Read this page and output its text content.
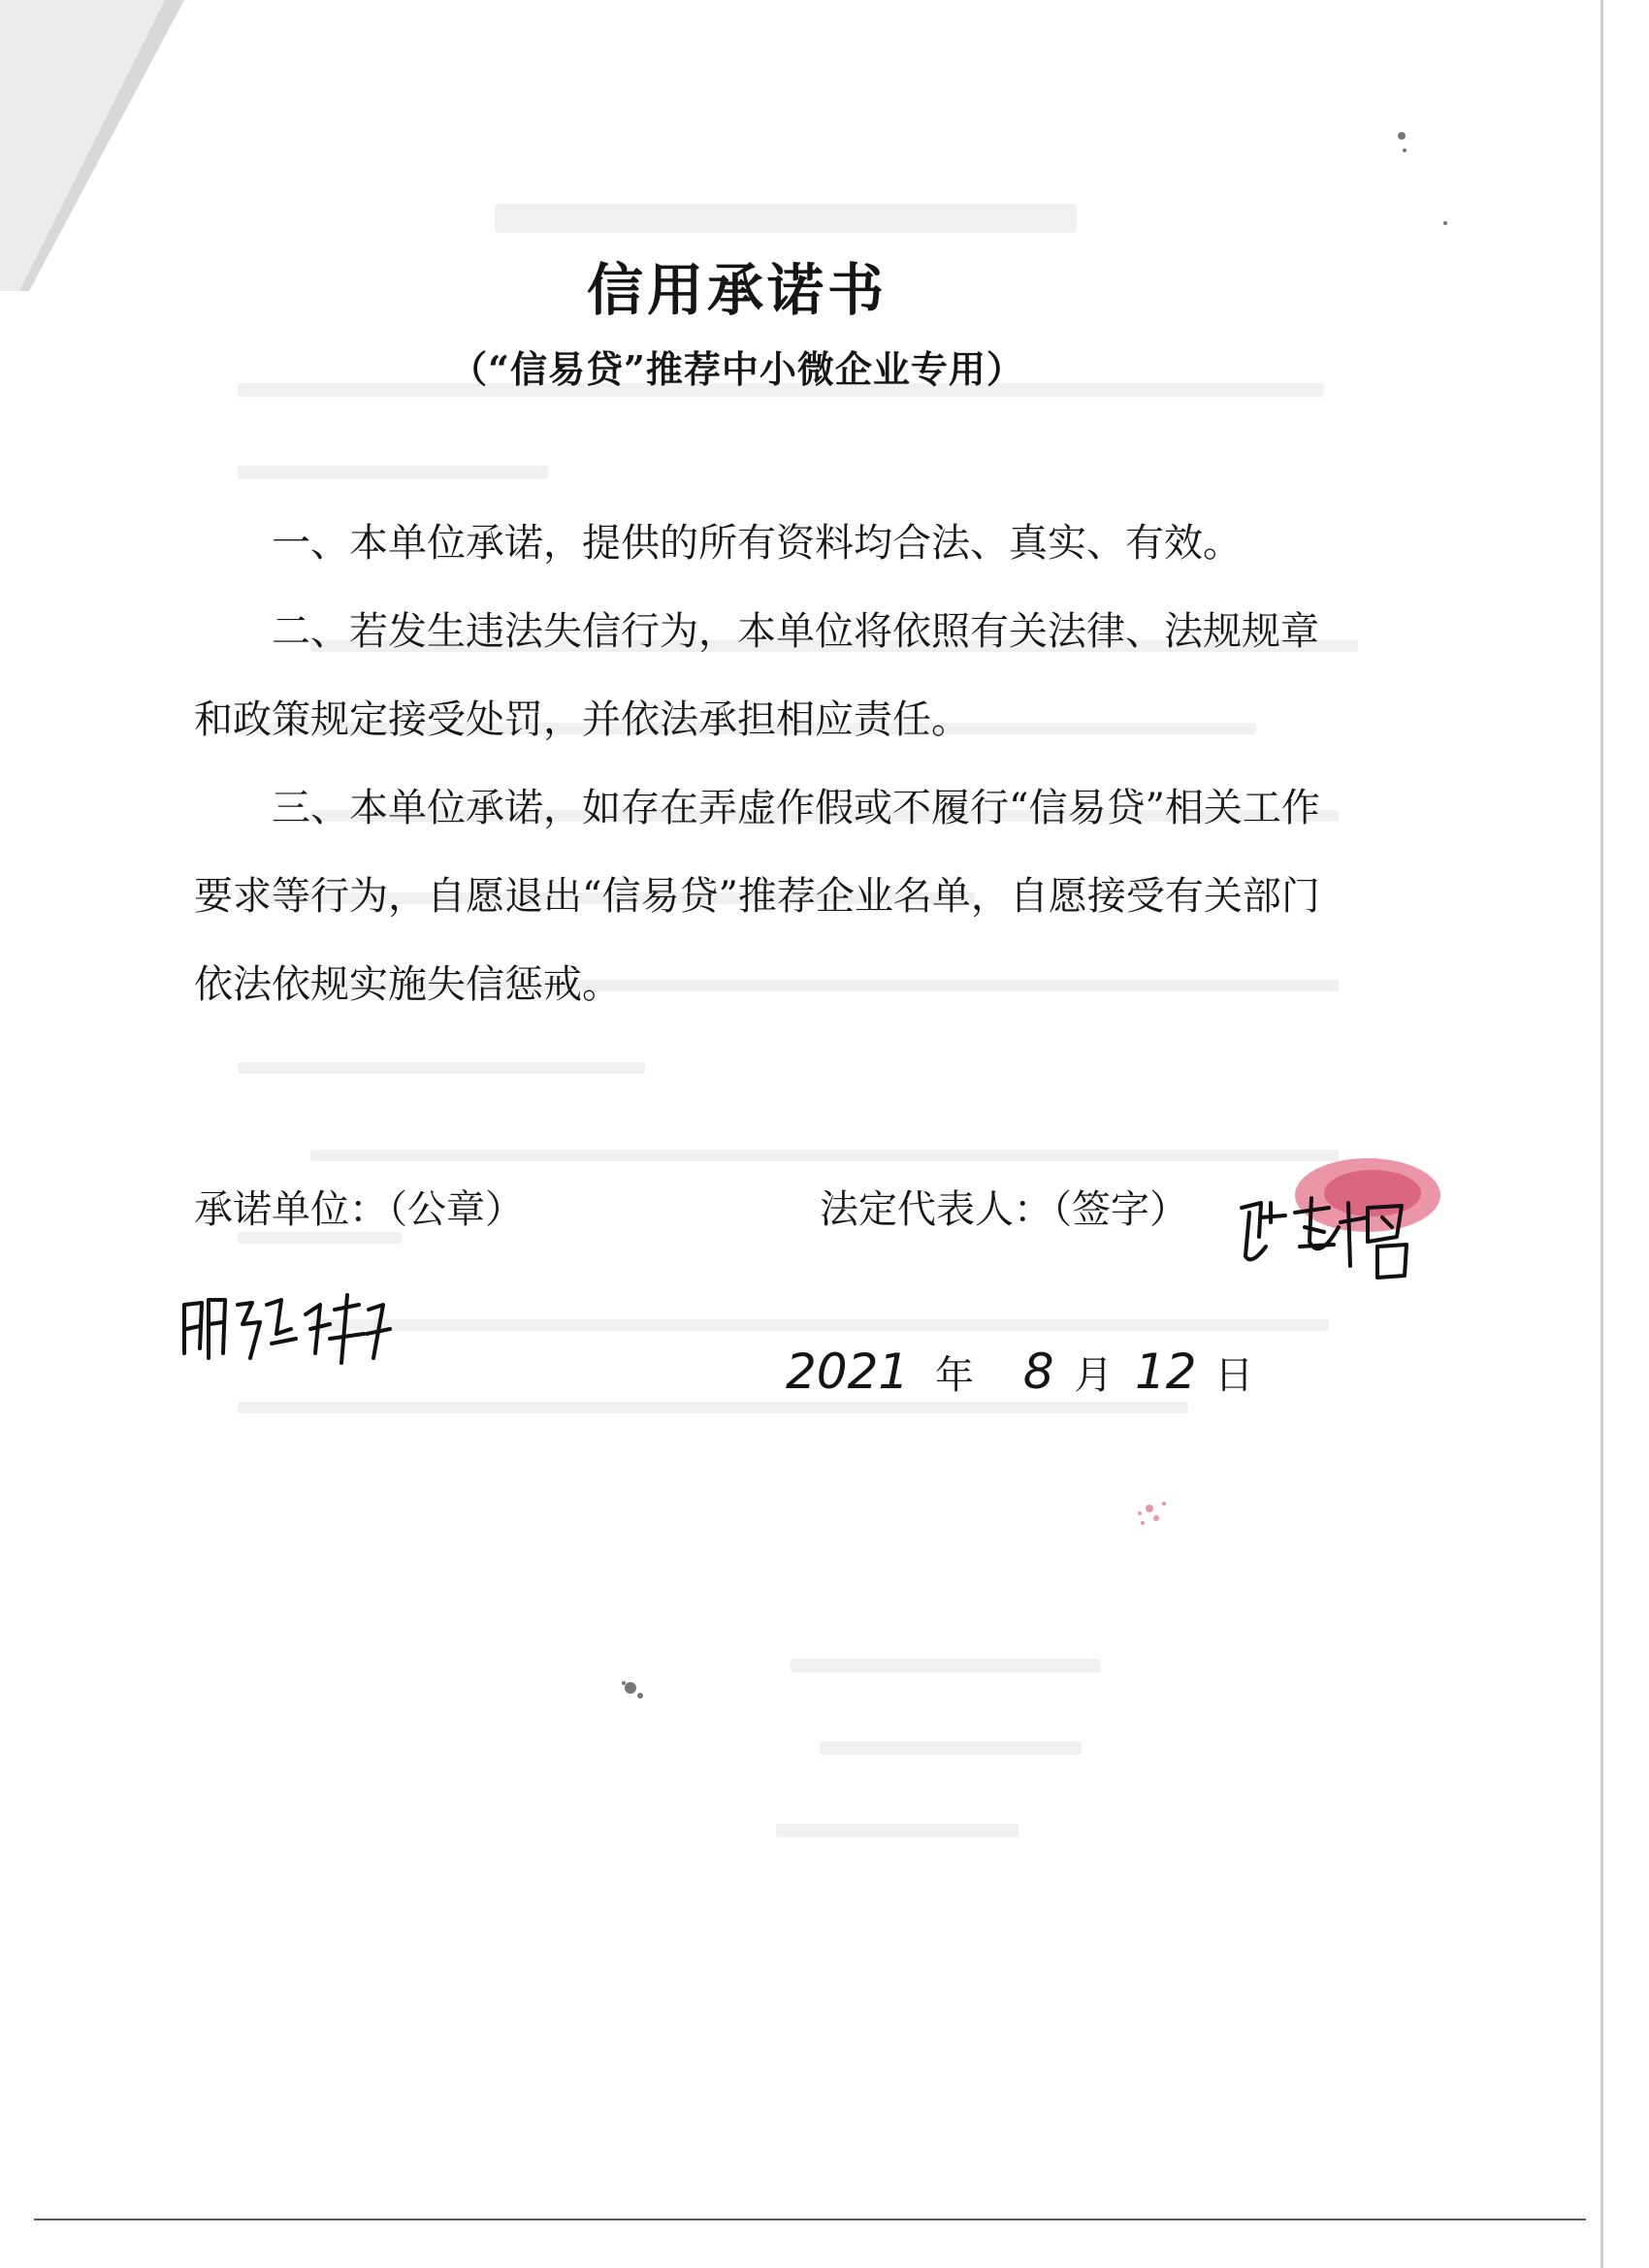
信用承诺书
（“信易贷”推荐中小微企业专用）

一、本单位承诺，提供的所有资料均合法、真实、有效。

二、若发生违法失信行为，本单位将依照有关法律、法规规章和政策规定接受处罚，并依法承担相应责任。

三、本单位承诺，如存在弄虚作假或不履行“信易贷”相关工作要求等行为，自愿退出“信易贷”推荐企业名单，自愿接受有关部门依法依规实施失信惩戒。

承诺单位：（公章）	法定代表人：（签字）
2021 年 8 月 12 日
